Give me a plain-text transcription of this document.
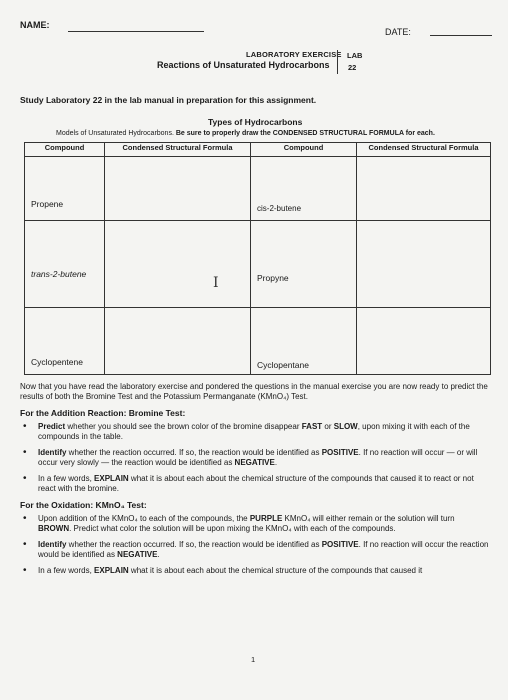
NAME:
DATE:
LABORATORY EXERCISE
Reactions of Unsaturated Hydrocarbons
LAB
22
Study Laboratory 22 in the lab manual in preparation for this assignment.
Types of Hydrocarbons
Models of Unsaturated Hydrocarbons. Be sure to properly draw the CONDENSED STRUCTURAL FORMULA for each.
Compound	Condensed Structural Formula	Compound	Condensed Structural Formula

Propene		cis-2-butene	

trans-2-butene	I	Propyne	

Cyclopentene		Cyclopentane	

Now that you have read the laboratory exercise and pondered the questions in the manual exercise you are now ready to predict the results of both the Bromine Test and the Potassium Permanganate (KMnO₄) Test.
For the Addition Reaction: Bromine Test:
• Predict whether you should see the brown color of the bromine disappear FAST or SLOW, upon mixing it with each of the compounds in the table.
• Identify whether the reaction occurred. If so, the reaction would be identified as POSITIVE. If no reaction will occur — or will occur very slowly — the reaction would be identified as NEGATIVE.
• In a few words, EXPLAIN what it is about each about the chemical structure of the compounds that caused it to react or not react with the bromine.
For the Oxidation: KMnO₄ Test:
• Upon addition of the KMnO₄ to each of the compounds, the PURPLE KMnO₄ will either remain or the solution will turn BROWN. Predict what color the solution will be upon mixing the KMnO₄ with each of the compounds.
• Identify whether the reaction occurred. If so, the reaction would be identified as POSITIVE. If no reaction will occur the reaction would be identified as NEGATIVE.
• In a few words, EXPLAIN what it is about each about the chemical structure of the compounds that caused it
1
